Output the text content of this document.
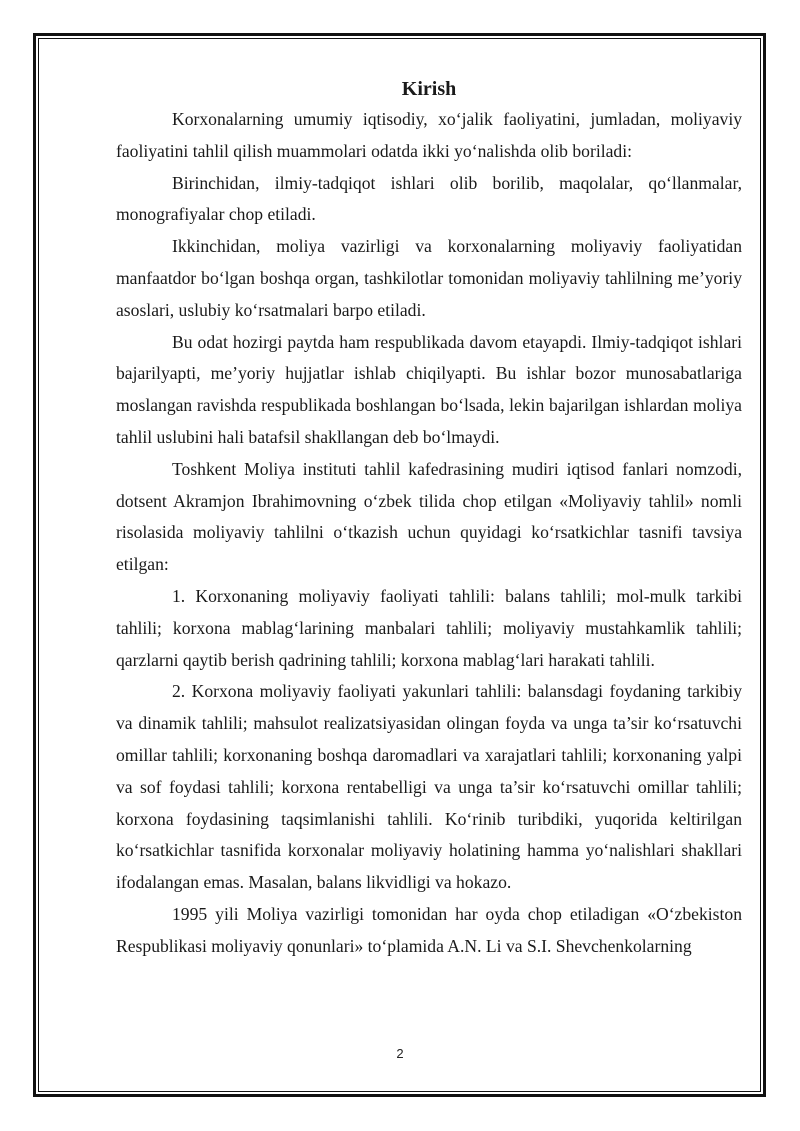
Kirish

Korxonalarning umumiy iqtisodiy, xo‘jalik faoliyatini, jumladan, moliyaviy faoliyatini tahlil qilish muammolari odatda ikki yo‘nalishda olib boriladi:

Birinchidan, ilmiy-tadqiqot ishlari olib borilib, maqolalar, qo‘llanmalar, monografiyalar chop etiladi.

Ikkinchidan, moliya vazirligi va korxonalarning moliyaviy faoliyatidan manfaatdor bo‘lgan boshqa organ, tashkilotlar tomonidan moliyaviy tahlilning me’yoriy asoslari, uslubiy ko‘rsatmalari barpo etiladi.

Bu odat hozirgi paytda ham respublikada davom etayapdi. Ilmiy-tadqiqot ishlari bajarilyapti, me’yoriy hujjatlar ishlab chiqilyapti. Bu ishlar bozor munosabatlariga moslangan ravishda respublikada boshlangan bo‘lsada, lekin bajarilgan ishlardan moliya tahlil uslubini hali batafsil shakllangan deb bo‘lmaydi.

Toshkent Moliya instituti tahlil kafedrasining mudiri iqtisod fanlari nomzodi, dotsent Akramjon Ibrahimovning o‘zbek tilida chop etilgan «Moliyaviy tahlil» nomli risolasida moliyaviy tahlilni o‘tkazish uchun quyidagi ko‘rsatkichlar tasnifi tavsiya etilgan:

1. Korxonaning moliyaviy faoliyati tahlili: balans tahlili; mol-mulk tarkibi tahlili; korxona mablag‘larining manbalari tahlili; moliyaviy mustahkamlik tahlili; qarzlarni qaytib berish qadrining tahlili; korxona mablag‘lari harakati tahlili.

2. Korxona moliyaviy faoliyati yakunlari tahlili: balansdagi foydaning tarkibiy va dinamik tahlili; mahsulot realizatsiyasidan olingan foyda va unga ta’sir ko‘rsatuvchi omillar tahlili; korxonaning boshqa daromadlari va xarajatlari tahlili; korxonaning yalpi va sof foydasi tahlili; korxona rentabelligi va unga ta’sir ko‘rsatuvchi omillar tahlili; korxona foydasining taqsimlanishi tahlili. Ko‘rinib turibdiki, yuqorida keltirilgan ko‘rsatkichlar tasnifida korxonalar moliyaviy holatining hamma yo‘nalishlari shakllari ifodalangan emas. Masalan, balans likvidligi va hokazo.

1995 yili Moliya vazirligi tomonidan har oyda chop etiladigan «O‘zbekiston Respublikasi moliyaviy qonunlari» to‘plamida A.N. Li va S.I. Shevchenkolarning

2
